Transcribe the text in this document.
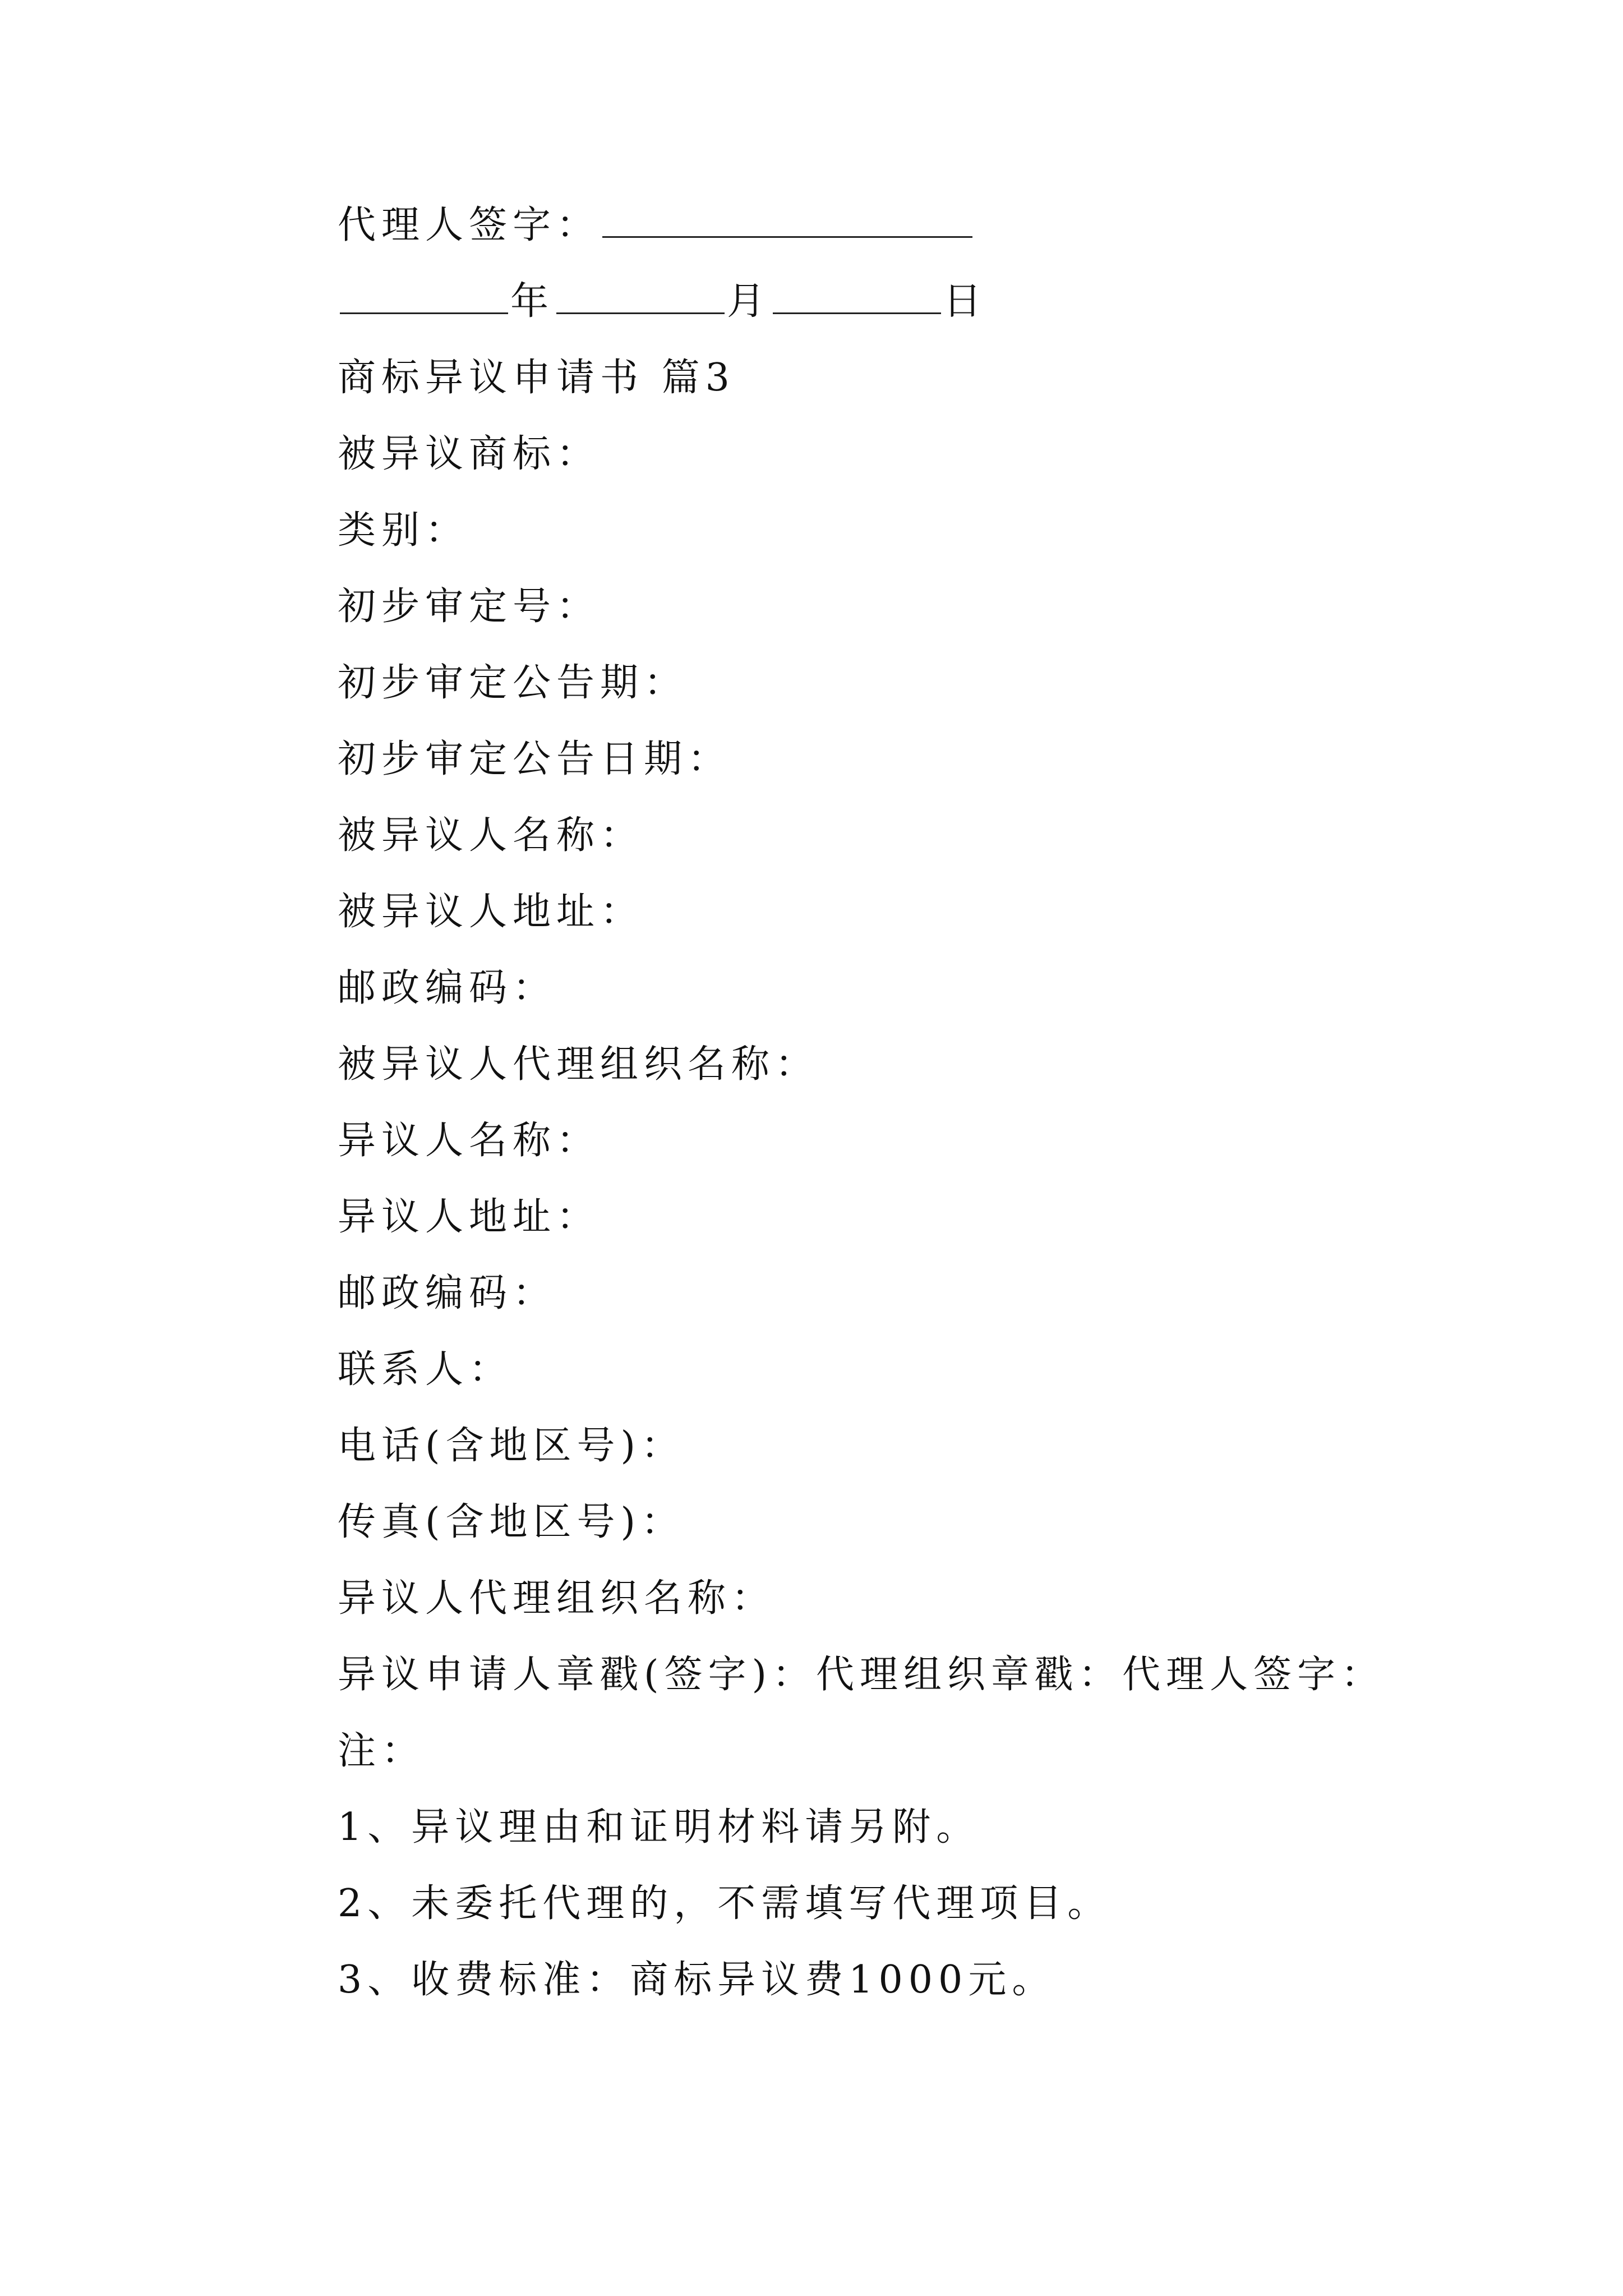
代理人签字：
年	月	日
商标异议申请书 篇3
被异议商标：
类别：
初步审定号：
初步审定公告期：
初步审定公告日期：
被异议人名称：
被异议人地址：
邮政编码：
被异议人代理组织名称：
异议人名称：
异议人地址：
邮政编码：
联系人：
电话(含地区号)：
传真(含地区号)：
异议人代理组织名称：
异议申请人章戳(签字)：代理组织章戳：代理人签字：
注：
1、异议理由和证明材料请另附。
2、未委托代理的，不需填写代理项目。
3、收费标准：商标异议费1000元。
